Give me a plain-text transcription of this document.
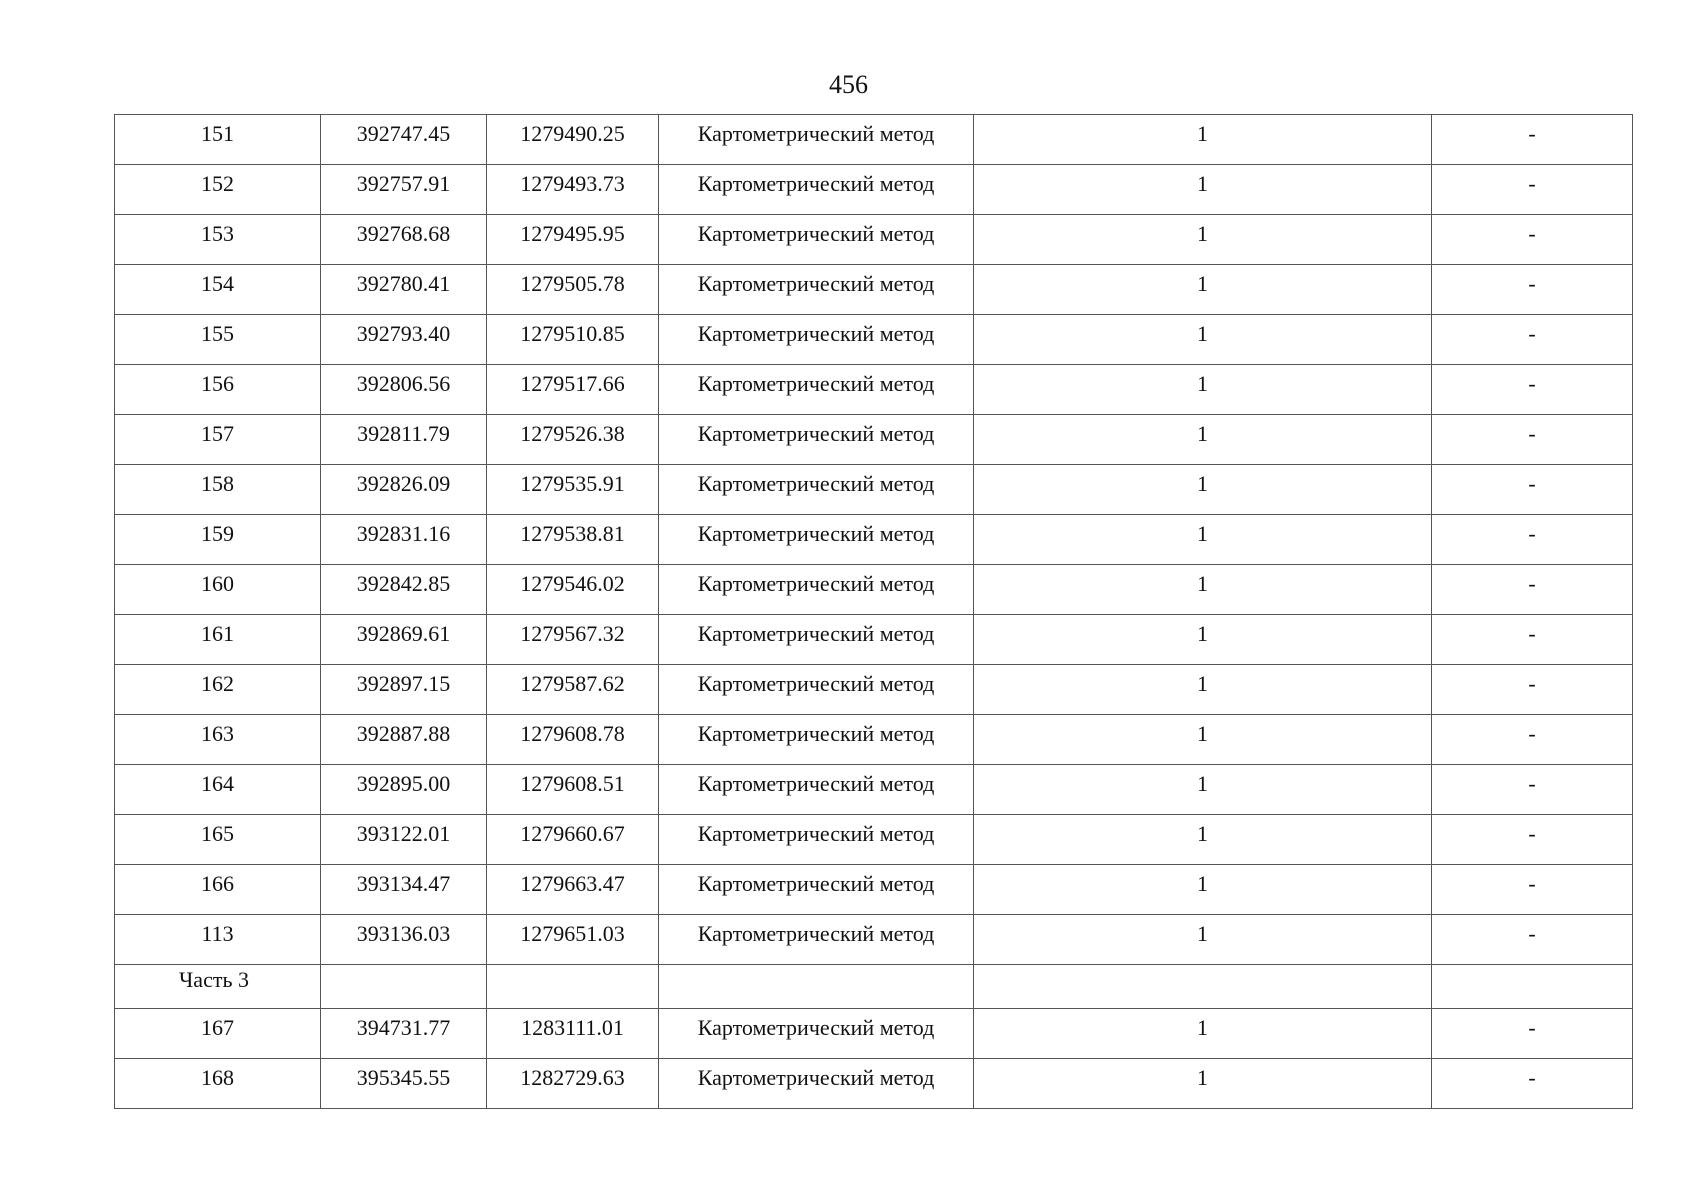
456
151	392747.45	1279490.25	Картометрический метод	1	-
152	392757.91	1279493.73	Картометрический метод	1	-
153	392768.68	1279495.95	Картометрический метод	1	-
154	392780.41	1279505.78	Картометрический метод	1	-
155	392793.40	1279510.85	Картометрический метод	1	-
156	392806.56	1279517.66	Картометрический метод	1	-
157	392811.79	1279526.38	Картометрический метод	1	-
158	392826.09	1279535.91	Картометрический метод	1	-
159	392831.16	1279538.81	Картометрический метод	1	-
160	392842.85	1279546.02	Картометрический метод	1	-
161	392869.61	1279567.32	Картометрический метод	1	-
162	392897.15	1279587.62	Картометрический метод	1	-
163	392887.88	1279608.78	Картометрический метод	1	-
164	392895.00	1279608.51	Картометрический метод	1	-
165	393122.01	1279660.67	Картометрический метод	1	-
166	393134.47	1279663.47	Картометрический метод	1	-
113	393136.03	1279651.03	Картометрический метод	1	-
Часть 3					
167	394731.77	1283111.01	Картометрический метод	1	-
168	395345.55	1282729.63	Картометрический метод	1	-
